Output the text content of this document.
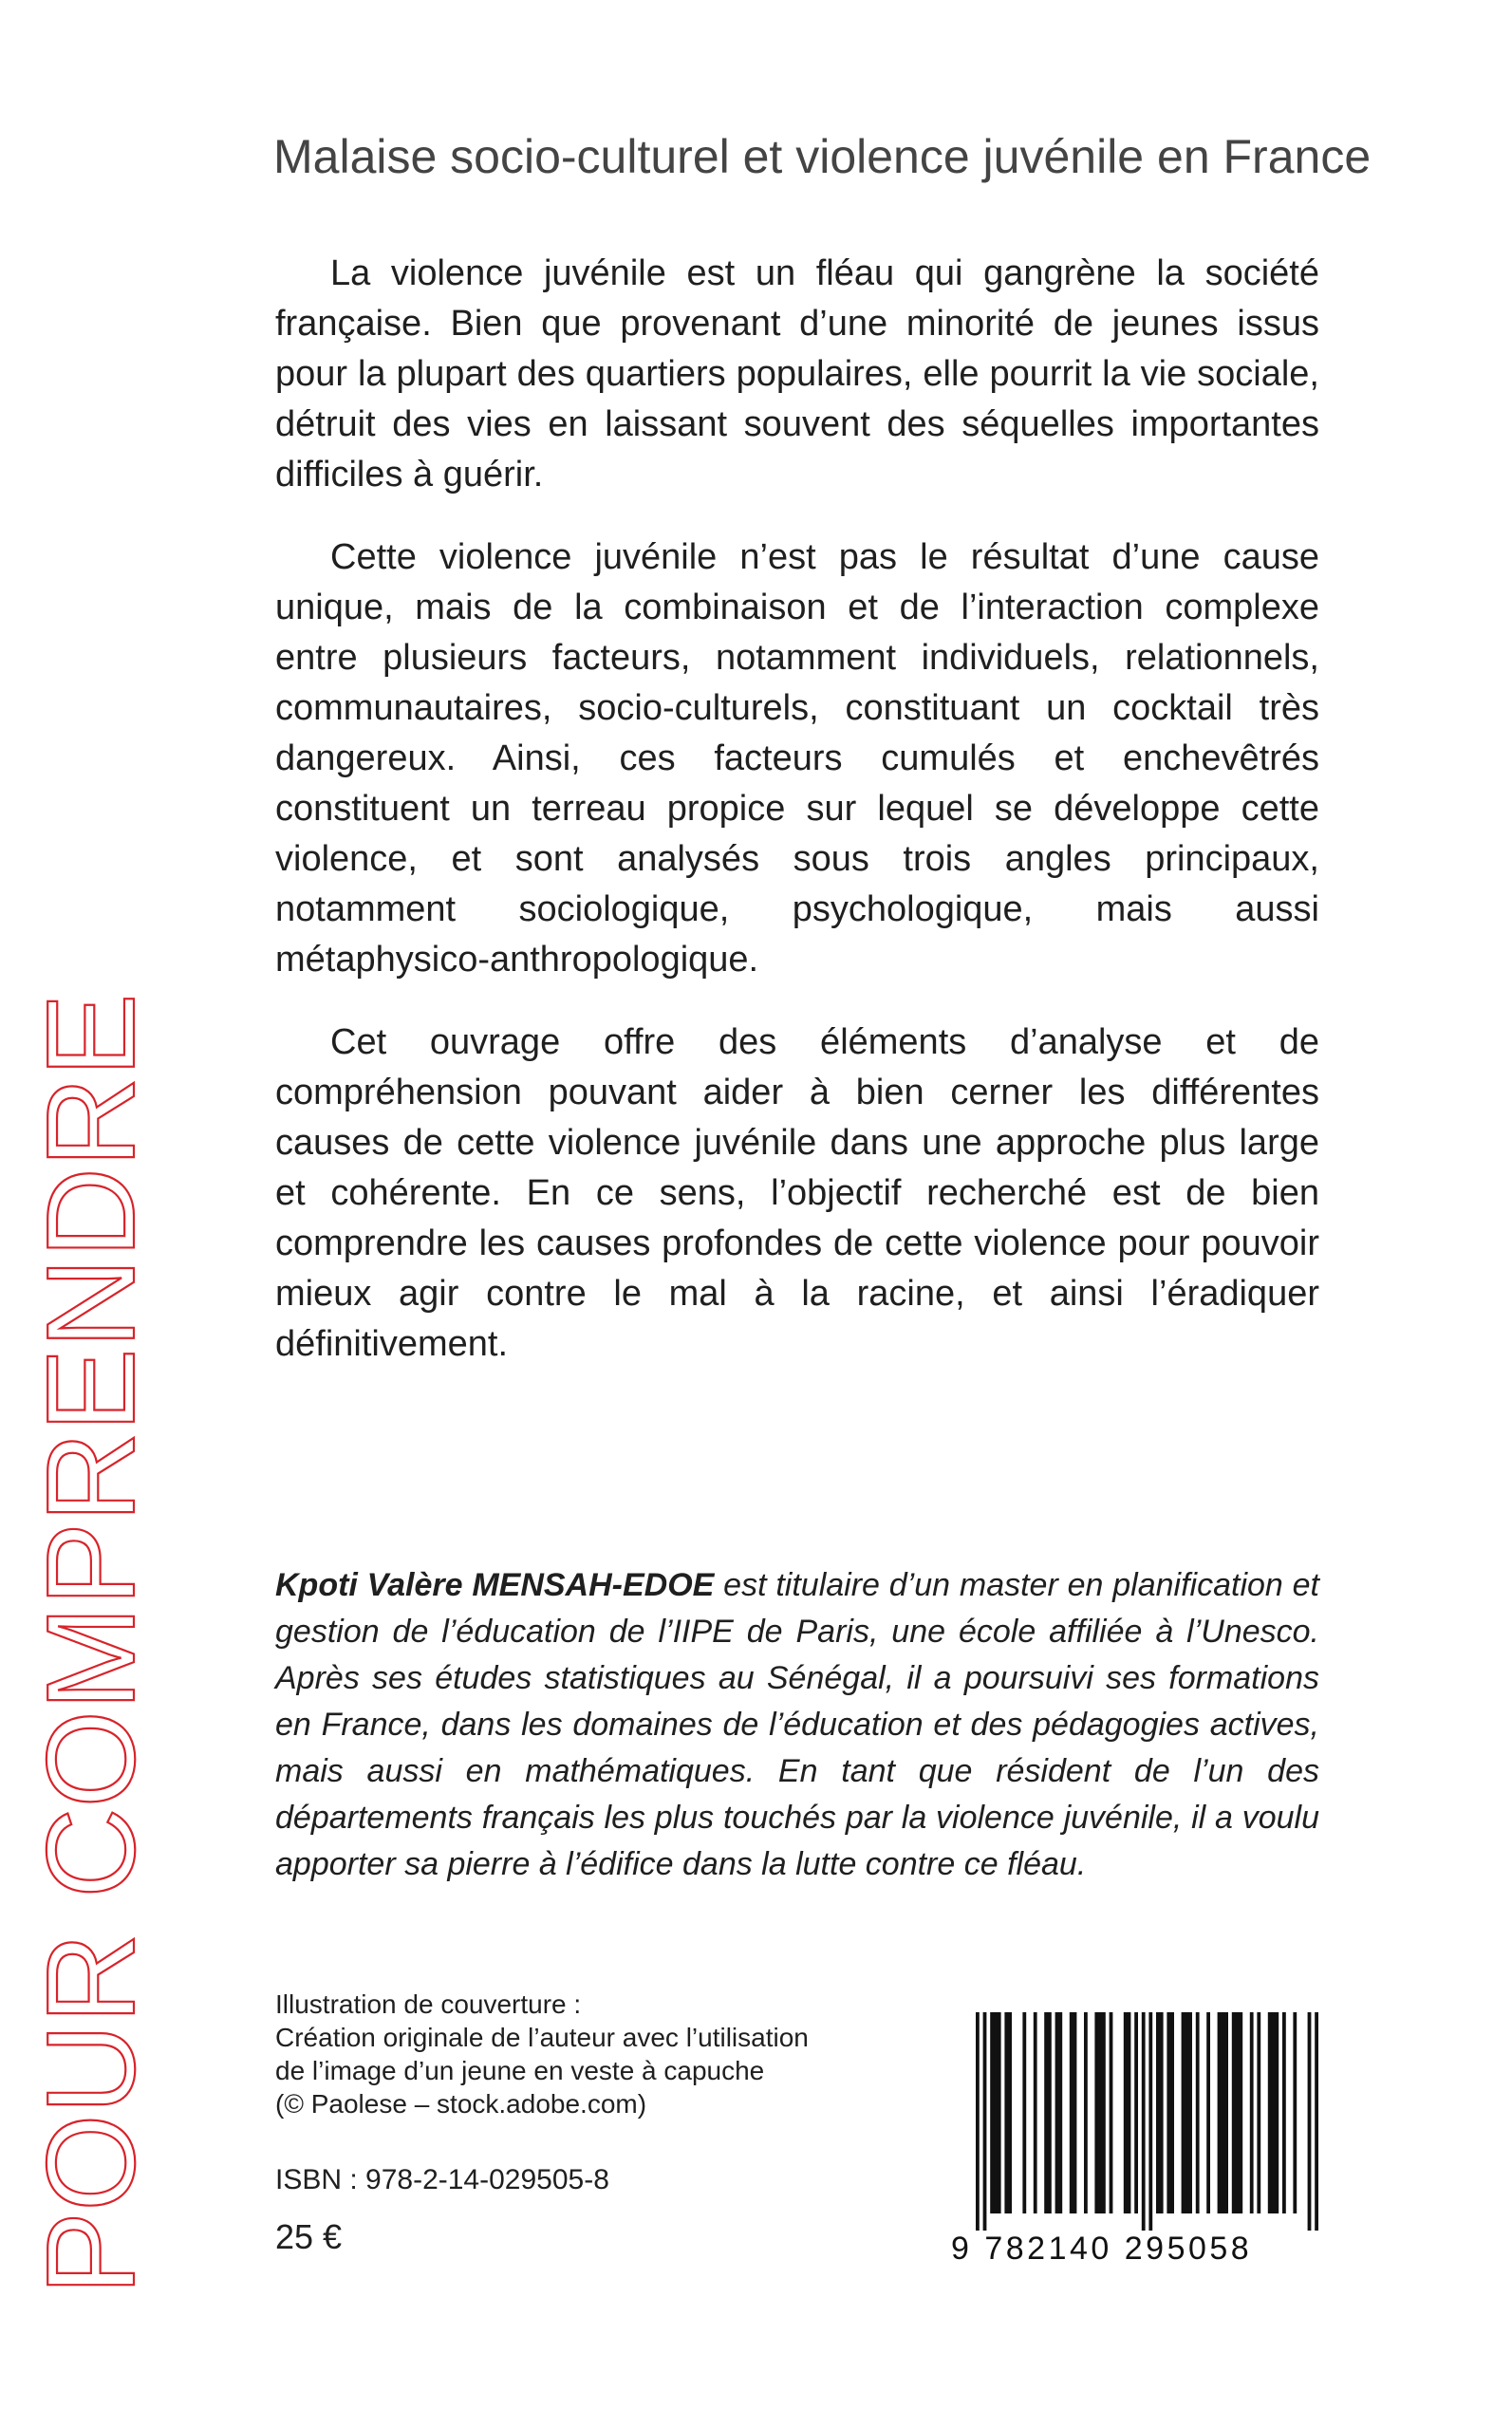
POUR COMPRENDRE
Malaise socio-culturel et violence juvénile en France

La violence juvénile est un fléau qui gangrène la société française. Bien que provenant d’une minorité de jeunes issus pour la plupart des quartiers populaires, elle pourrit la vie sociale, détruit des vies en laissant souvent des séquelles importantes difficiles à guérir.

Cette violence juvénile n’est pas le résultat d’une cause unique, mais de la combinaison et de l’interaction complexe entre plusieurs facteurs, notamment individuels, relationnels, communautaires, socio-culturels, constituant un cocktail très dangereux. Ainsi, ces facteurs cumulés et enchevêtrés constituent un terreau propice sur lequel se développe cette violence, et sont analysés sous trois angles principaux, notamment sociologique, psychologique, mais aussi métaphysico-anthropologique.

Cet ouvrage offre des éléments d’analyse et de compréhension pouvant aider à bien cerner les différentes causes de cette violence juvénile dans une approche plus large et cohérente. En ce sens, l’objectif recherché est de bien comprendre les causes profondes de cette violence pour pouvoir mieux agir contre le mal à la racine, et ainsi l’éradiquer définitivement.

Kpoti Valère MENSAH-EDOE est titulaire d’un master en planification et gestion de l’éducation de l’IIPE de Paris, une école affiliée à l’Unesco. Après ses études statistiques au Sénégal, il a poursuivi ses formations en France, dans les domaines de l’éducation et des pédagogies actives, mais aussi en mathématiques. En tant que résident de l’un des départements français les plus touchés par la violence juvénile, il a voulu apporter sa pierre à l’édifice dans la lutte contre ce fléau.

Illustration de couverture :
Création originale de l’auteur avec l’utilisation
de l’image d’un jeune en veste à capuche
(© Paolese – stock.adobe.com)
ISBN : 978-2-14-029505-8
25 €	9 782140 295058
